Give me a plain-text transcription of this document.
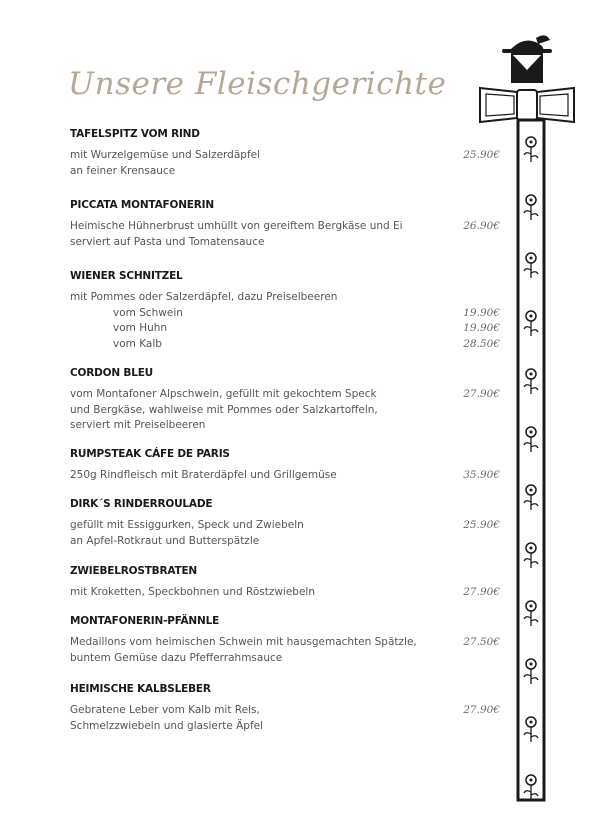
Unsere Fleischgerichte
TAFELSPITZ VOM RIND
mit Wurzelgemüse und Salzerdäpfel
an feiner Krensauce
25.90€
PICCATA MONTAFONERIN
Heimische Hühnerbrust umhüllt von gereiftem Bergkäse und Ei
serviert auf Pasta und Tomatensauce
26.90€
WIENER SCHNITZEL
mit Pommes oder Salzerdäpfel, dazu Preiselbeeren
vom Schwein	19.90€
vom Huhn	19.90€
vom Kalb	28.50€
CORDON BLEU
vom Montafoner Alpschwein, gefüllt mit gekochtem Speck
und Bergkäse, wahlweise mit Pommes oder Salzkartoffeln,
serviert mit Preiselbeeren
27.90€
RUMPSTEAK CÁFE DE PARIS
250g Rindfleisch mit Braterdäpfel und Grillgemüse	35.90€
DIRK´S RINDERROULADE
gefüllt mit Essiggurken, Speck und Zwiebeln
an Apfel-Rotkraut und Butterspätzle
25.90€
ZWIEBELROSTBRATEN
mit Kroketten, Speckbohnen und Röstzwiebeln	27.90€
MONTAFONERIN-PFÄNNLE
Medaillons vom heimischen Schwein mit hausgemachten Spätzle,
buntem Gemüse dazu Pfefferrahmsauce
27.50€
HEIMISCHE KALBSLEBER
Gebratene Leber vom Kalb mit Reis,
Schmelzzwiebeln und glasierte Äpfel
27.90€
